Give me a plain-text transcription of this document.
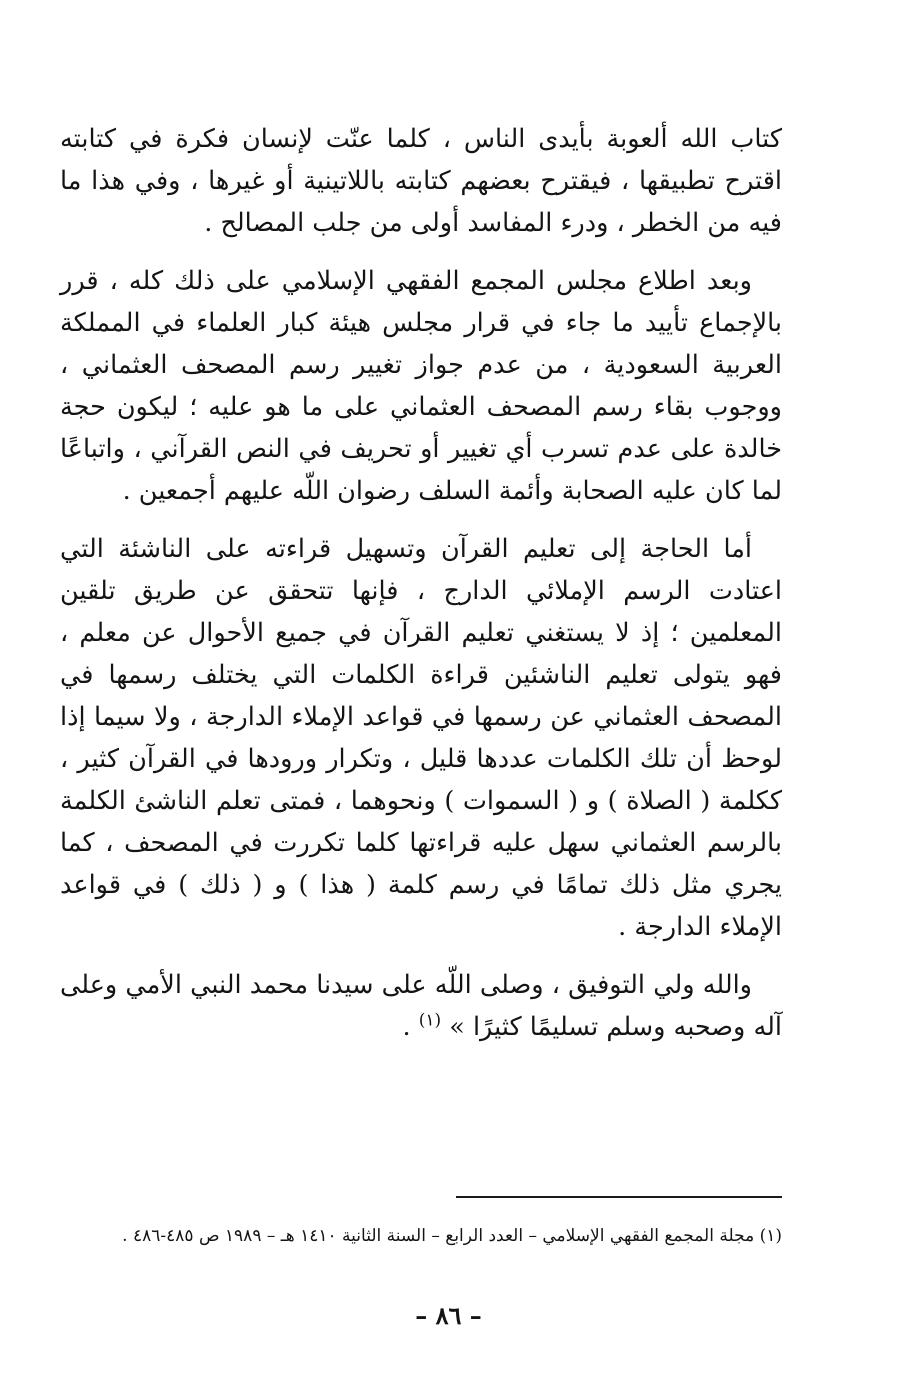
كتاب الله ألعوبة بأيدى الناس ، كلما عنّت لإنسان فكرة في كتابته اقترح تطبيقها ، فيقترح بعضهم كتابته باللاتينية أو غيرها ، وفي هذا ما فيه من الخطر ، ودرء المفاسد أولى من جلب المصالح .

وبعد اطلاع مجلس المجمع الفقهي الإسلامي على ذلك كله ، قرر بالإجماع تأييد ما جاء في قرار مجلس هيئة كبار العلماء في المملكة العربية السعودية ، من عدم جواز تغيير رسم المصحف العثماني ، ووجوب بقاء رسم المصحف العثماني على ما هو عليه ؛ ليكون حجة خالدة على عدم تسرب أي تغيير أو تحريف في النص القرآني ، واتباعًا لما كان عليه الصحابة وأئمة السلف رضوان اللّه عليهم أجمعين .

أما الحاجة إلى تعليم القرآن وتسهيل قراءته على الناشئة التي اعتادت الرسم الإملائي الدارج ، فإنها تتحقق عن طريق تلقين المعلمين ؛ إذ لا يستغني تعليم القرآن في جميع الأحوال عن معلم ، فهو يتولى تعليم الناشئين قراءة الكلمات التي يختلف رسمها في المصحف العثماني عن رسمها في قواعد الإملاء الدارجة ، ولا سيما إذا لوحظ أن تلك الكلمات عددها قليل ، وتكرار ورودها في القرآن كثير ، ككلمة ( الصلاة ) و ( السموات ) ونحوهما ، فمتى تعلم الناشئ الكلمة بالرسم العثماني سهل عليه قراءتها كلما تكررت في المصحف ، كما يجري مثل ذلك تمامًا في رسم كلمة ( هذا ) و ( ذلك ) في قواعد الإملاء الدارجة .

والله ولي التوفيق ، وصلى اللّه على سيدنا محمد النبي الأمي وعلى آله وصحبه وسلم تسليمًا كثيرًا » $^{(١)}$ .

(١) مجلة المجمع الفقهي الإسلامي – العدد الرابع – السنة الثانية ١٤١٠ هـ – ١٩٨٩ ص ٤٨٥-٤٨٦ .
– ٨٦ –
